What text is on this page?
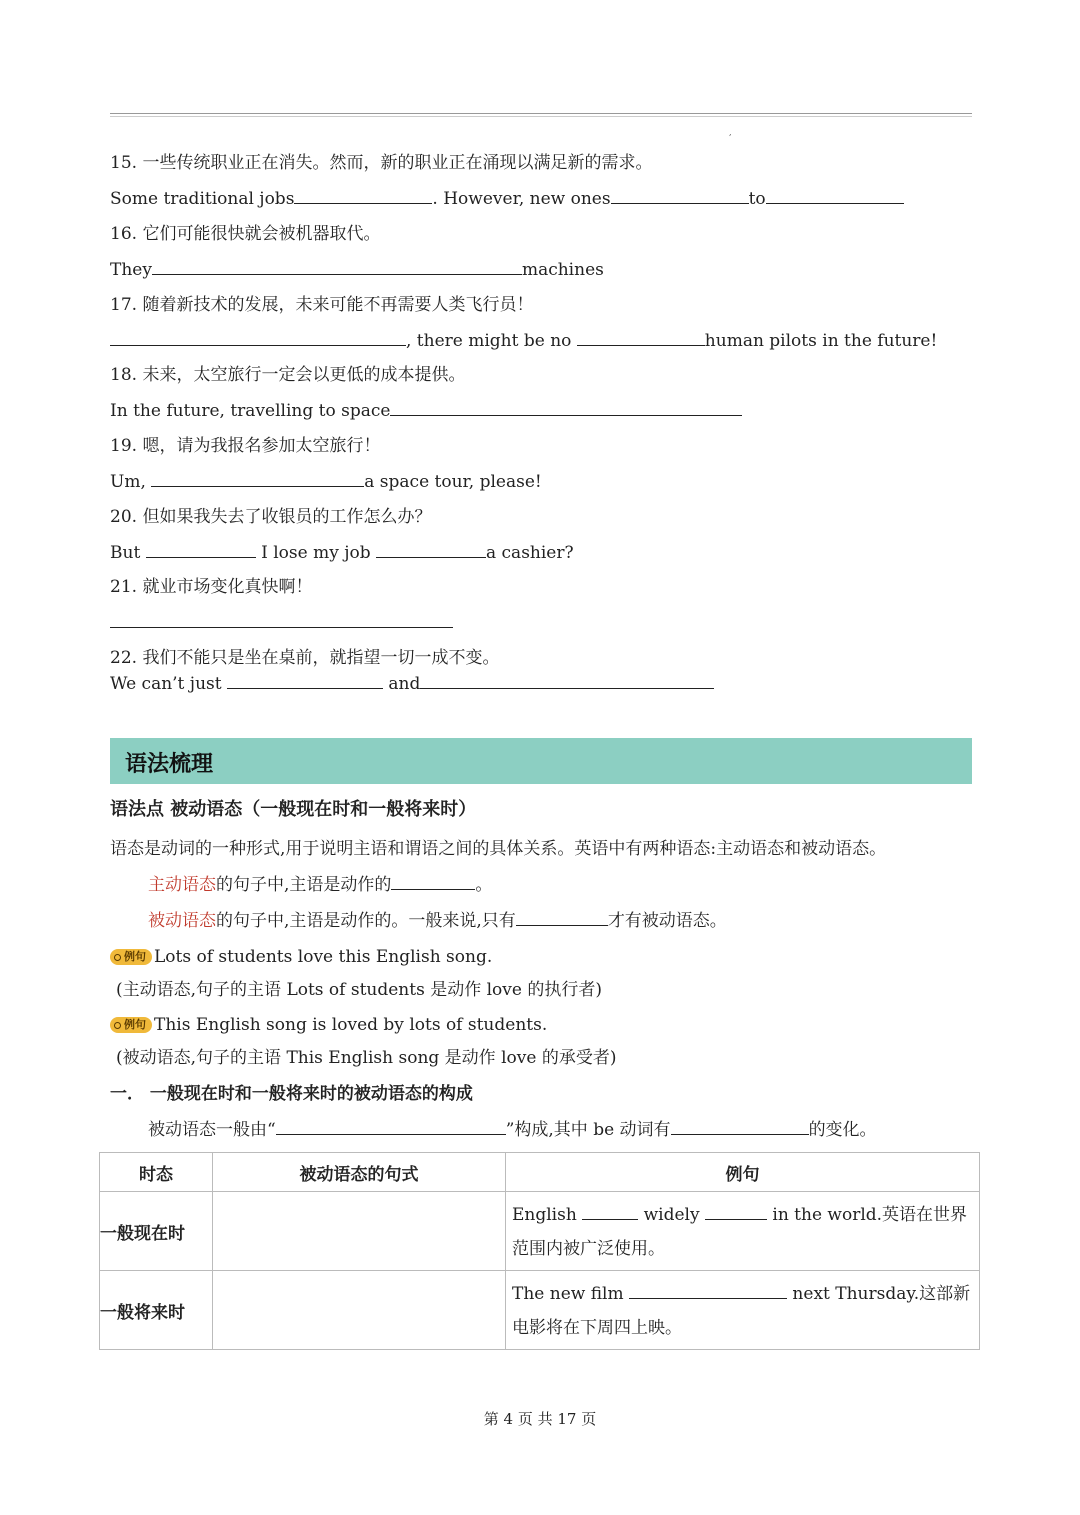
,
15. 一些传统职业正在消失。然而，新的职业正在涌现以满足新的需求。
Some traditional jobs	. However, new ones	to
16. 它们可能很快就会被机器取代。
They	machines
17. 随着新技术的发展，未来可能不再需要人类飞行员！
, there might be no	human pilots in the future!
18. 未来，太空旅行一定会以更低的成本提供。
In the future, travelling to space
19. 嗯，请为我报名参加太空旅行！
Um,	a space tour, please!
20. 但如果我失去了收银员的工作怎么办？
But	I lose my job	a cashier?
21. 就业市场变化真快啊！
22. 我们不能只是坐在桌前，就指望一切一成不变。
We can’t just	and
语法梳理
语法点 被动语态（一般现在时和一般将来时）
语态是动词的一种形式,用于说明主语和谓语之间的具体关系。英语中有两种语态:主动语态和被动语态。
主动语态的句子中,主语是动作的	。
被动语态的句子中,主语是动作的。一般来说,只有	才有被动语态。
例句 Lots of students love this English song.
(主动语态,句子的主语 Lots of students 是动作 love 的执行者)
例句 This English song is loved by lots of students.
(被动语态,句子的主语 This English song 是动作 love 的承受者)
一． 一般现在时和一般将来时的被动语态的构成
被动语态一般由“	”构成,其中 be 动词有	的变化。
时态	被动语态的句式	例句
一般现在时		English widely in the world.英语在世界范围内被广泛使用。
一般将来时		The new film next Thursday.这部新电影将在下周四上映。
第 4 页 共 17 页
